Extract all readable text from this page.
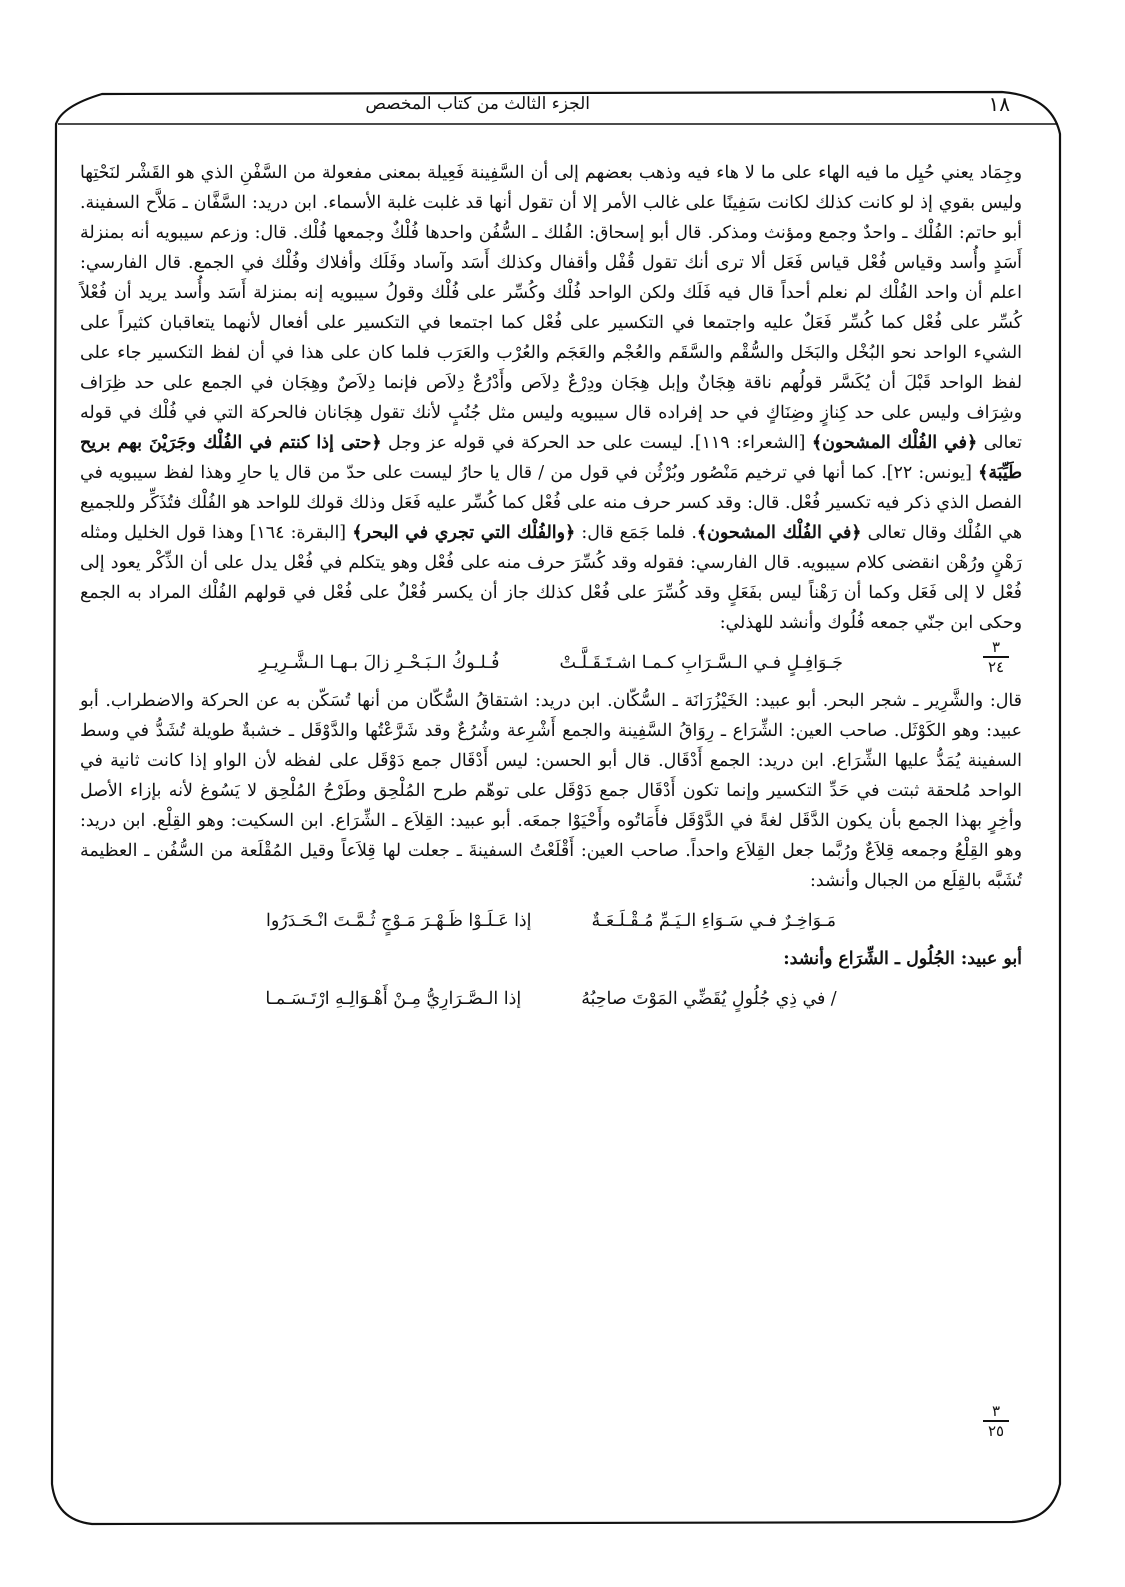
الجزء الثالث من كتاب المخصص	١٨
٣
٢٤
٣
٢٥

وجِمَاد يعني حُيِل ما فيه الهاء على ما لا هاء فيه وذهب بعضهم إلى أن السَّفِينة فَعِيلة بمعنى مفعولة من السَّفْنِ الذي هو القَشْر لنَحْتِها وليس بقوي إذ لو كانت كذلك لكانت سَفِينًا على غالب الأمر إلا أن تقول أنها قد غلبت غلبة الأسماء. ابن دريد: السَّفَّان ـ مَلاَّح السفينة. أبو حاتم: الفُلْك ـ واحدٌ وجمع ومؤنث ومذكر. قال أبو إسحاق: الفُلك ـ السُّفُن واحدها فُلْكٌ وجمعها فُلْك. قال: وزعم سيبويه أنه بمنزلة أَسَدٍ وأُسد وقياس فُعْل قياس فَعَل ألا ترى أنك تقول قُفْل وأقفال وكذلك أَسَد وآساد وفَلَك وأفلاك وفُلْك في الجمع. قال الفارسي: اعلم أن واحد الفُلْك لم نعلم أحداً قال فيه فَلَك ولكن الواحد فُلْك وكُسِّر على فُلْك وقولُ سيبويه إنه بمنزلة أَسَد وأُسد يريد أن فُعْلاً كُسِّر على فُعْل كما كُسِّر فَعَلٌ عليه واجتمعا في التكسير على فُعْل كما اجتمعا في التكسير على أفعال لأنهما يتعاقبان كثيراً على الشيء الواحد نحو البُخْل والبَخَل والسُّقْم والسَّقَم والعُجْم والعَجَم والعُرْب والعَرَب فلما كان على هذا في أن لفظ التكسير جاء على لفظ الواحد قَبْلَ أن يُكَسَّر قولُهم ناقة هِجَانٌ وإبل هِجَان ودِرْعٌ دِلاَص وأَدْرُعٌ دِلاَص فإنما دِلاَصٌ وهِجَان في الجمع على حد ظِرَاف وشِرَاف وليس على حد كِنازٍ وضِنَاكٍ في حد إفراده قال سيبويه وليس مثل جُنُبٍ لأنك تقول هِجَانان فالحركة التي في فُلْك في قوله تعالى ﴿في الفُلْك المشحون﴾ [الشعراء: ١١٩]. ليست على حد الحركة في قوله عز وجل ﴿حتى إذا كنتم في الفُلْك وجَرَيْنَ بهم بريح طَيِّبَة﴾ [يونس: ٢٢]. كما أنها في ترخيم مَنْصُور وبُرْثُن في قول من / قال يا حارُ ليست على حدّ من قال يا حارِ وهذا لفظ سيبويه في الفصل الذي ذكر فيه تكسير فُعْل. قال: وقد كسر حرف منه على فُعْل كما كُسِّر عليه فَعَل وذلك قولك للواحد هو الفُلْك فتُذَكِّر وللجميع هي الفُلْك وقال تعالى ﴿في الفُلْك المشحون﴾. فلما جَمَع قال: ﴿والفُلْك التي تجري في البحر﴾ [البقرة: ١٦٤] وهذا قول الخليل ومثله رَهْنٍ ورُهْن انقضى كلام سيبويه. قال الفارسي: فقوله وقد كُسِّرَ حرف منه على فُعْل وهو يتكلم في فُعْل يدل على أن الذِّكْر يعود إلى فُعْل لا إلى فَعَل وكما أن رَهْناً ليس بفَعَلٍ وقد كُسِّرَ على فُعْل كذلك جاز أن يكسر فُعْلٌ على فُعْل في قولهم الفُلْك المراد به الجمع وحكى ابن جنّي جمعه فُلُوك وأنشد للهذلي:

جَـوَافِـلٍ فـي الـسَّـرَابِ كـمـا اشـتَـقَـلَّـتْ
فُـلـوكُ الـبَـحْـرِ زالَ بـهـا الـشَّـرِيـرِ

قال: والشَّرِير ـ شجر البحر. أبو عبيد: الخَيْزُرَانَة ـ السُّكّان. ابن دريد: اشتقاقُ السُّكّان من أنها تُسَكّن به عن الحركة والاضطراب. أبو عبيد: وهو الكَوْثَل. صاحب العين: الشِّرَاع ـ رِوَاقُ السَّفِينة والجمع أَشْرِعة وشُرُعٌ وقد شَرَّعْتُها والدَّوْقَل ـ خشبةٌ طويلة تُشَدُّ في وسط السفينة يُمَدُّ عليها الشِّرَاع. ابن دريد: الجمع أَدْقَال. قال أبو الحسن: ليس أَدْقَال جمع دَوْقَل على لفظه لأن الواو إذا كانت ثانية في الواحد مُلحقة ثبتت في حَدِّ التكسير وإنما تكون أَدْقَال جمع دَوْقَل على توهّم طرح المُلْحِق وطَرْحُ المُلْحِق لا يَسُوغ لأنه بإزاء الأصل وأخِرٍ بهذا الجمع بأن يكون الدَّقَل لغةً في الدَّوْقَل فأَمَاتُوه وأَحْيَوْا جمعَه. أبو عبيد: القِلاَع ـ الشِّرَاع. ابن السكيت: وهو القِلْع. ابن دريد: وهو القِلْعُ وجمعه قِلاَعٌ ورُبَّما جعل القِلاَع واحداً. صاحب العين: أَقْلَعْتُ السفينةَ ـ جعلت لها قِلاَعاً وقيل المُقْلَعة من السُّفُن ـ العظيمة تُشَبَّه بالقِلَع من الجبال وأنشد:

مَـوَاخِـرٌ فـي سَـوَاءِ الـيَـمِّ مُـقْـلَـعَـةٌ
إذا عَـلَـوْا ظَـهْـرَ مَـوْجٍ ثُـمَّـتَ انْـحَـدَرُوا

أبو عبيد: الجُلُول ـ الشِّرَاع وأنشد:

/ في ذِي جُلُولٍ يُقَضِّي المَوْتَ صاحِبُهُ
إذا الـصَّـرَارِيُّ مِـنْ أَهْـوَالِـهِ ارْتَـسَـمـا
